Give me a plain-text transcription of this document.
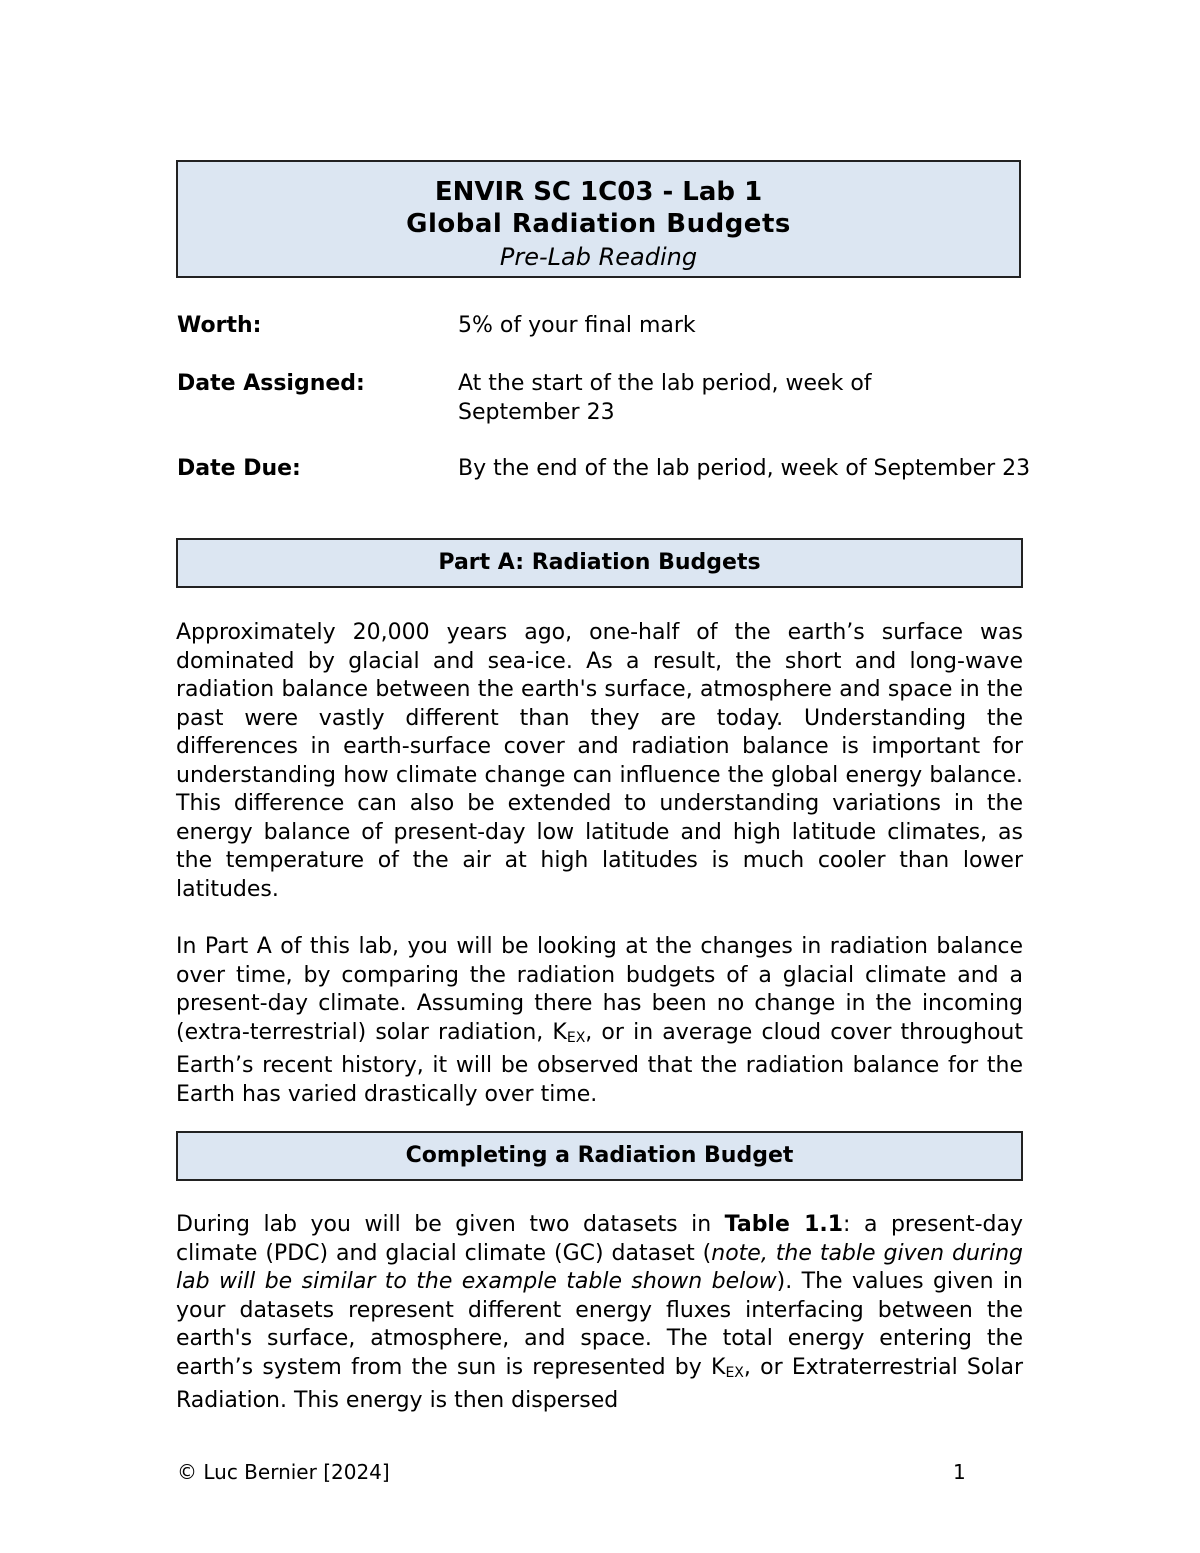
ENVIR SC 1C03 - Lab 1
Global Radiation Budgets
Pre-Lab Reading
Worth:	5% of your final mark
Date Assigned:	At the start of the lab period, week of September 23
Date Due:	By the end of the lab period, week of September 23
Part A: Radiation Budgets
Approximately 20,000 years ago, one-half of the earth’s surface was dominated by glacial and sea-ice. As a result, the short and long-wave radiation balance between the earth's surface, atmosphere and space in the past were vastly different than they are today. Understanding the differences in earth-surface cover and radiation balance is important for understanding how climate change can influence the global energy balance. This difference can also be extended to understanding variations in the energy balance of present-day low latitude and high latitude climates, as the temperature of the air at high latitudes is much cooler than lower latitudes.
In Part A of this lab, you will be looking at the changes in radiation balance over time, by comparing the radiation budgets of a glacial climate and a present-day climate. Assuming there has been no change in the incoming (extra-terrestrial) solar radiation, $K_{EX}$, or in average cloud cover throughout Earth’s recent history, it will be observed that the radiation balance for the Earth has varied drastically over time.
Completing a Radiation Budget
During lab you will be given two datasets in Table 1.1: a present-day climate (PDC) and glacial climate (GC) dataset (note, the table given during lab will be similar to the example table shown below). The values given in your datasets represent different energy fluxes interfacing between the earth's surface, atmosphere, and space. The total energy entering the earth’s system from the sun is represented by $K_{EX}$, or Extraterrestrial Solar Radiation. This energy is then dispersed
© Luc Bernier [2024]	1
